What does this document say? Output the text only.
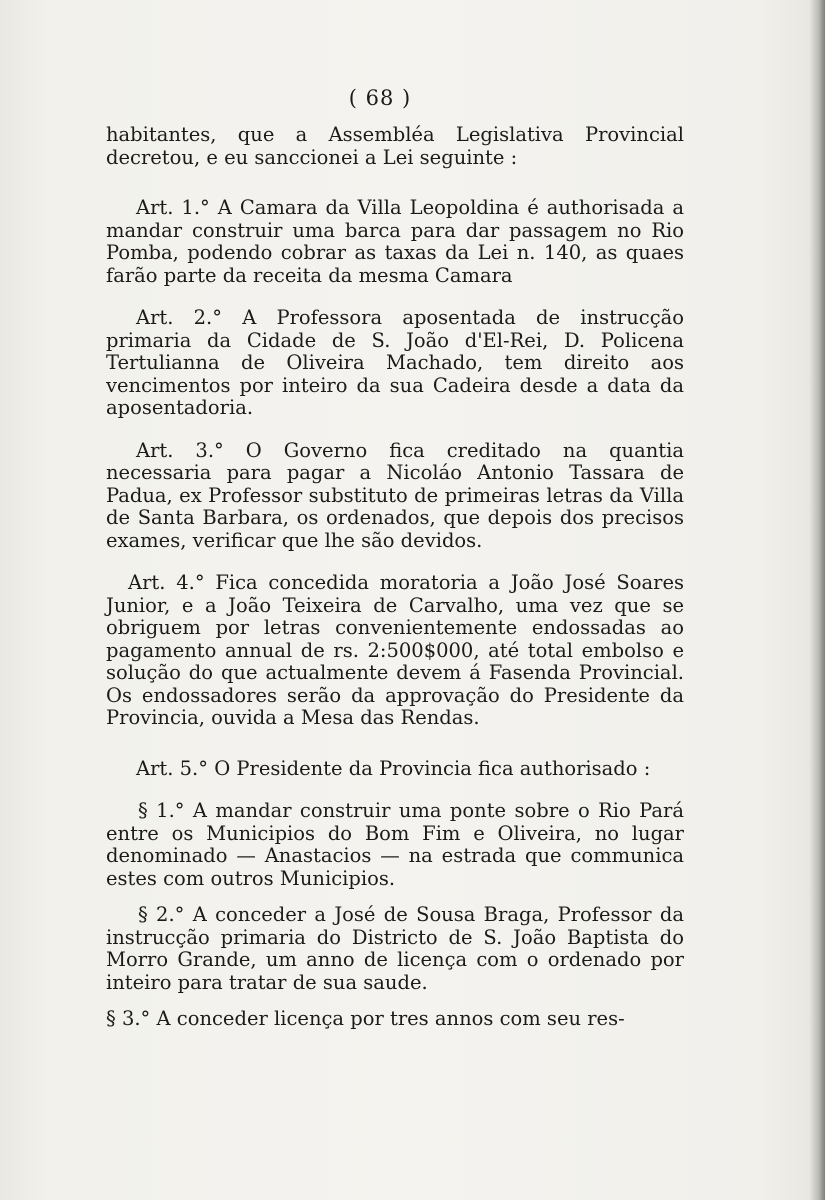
( 68 )

habitantes, que a Assembléa Legislativa Provincial decretou, e eu sanccionei a Lei seguinte :

Art. 1.° A Camara da Villa Leopoldina é authorisada a mandar construir uma barca para dar passagem no Rio Pomba, podendo cobrar as taxas da Lei n. 140, as quaes farão parte da receita da mesma Camara

Art. 2.° A Professora aposentada de instrucção primaria da Cidade de S. João d'El-Rei, D. Policena Tertulianna de Oliveira Machado, tem direito aos vencimentos por inteiro da sua Cadeira desde a data da aposentadoria.

Art. 3.° O Governo fica creditado na quantia necessaria para pagar a Nicoláo Antonio Tassara de Padua, ex Professor substituto de primeiras letras da Villa de Santa Barbara, os ordenados, que depois dos precisos exames, verificar que lhe são devidos.

Art. 4.° Fica concedida moratoria a João José Soares Junior, e a João Teixeira de Carvalho, uma vez que se obriguem por letras convenientemente endossadas ao pagamento annual de rs. 2:500$000, até total embolso e solução do que actualmente devem á Fasenda Provincial. Os endossadores serão da approvação do Presidente da Provincia, ouvida a Mesa das Rendas.

Art. 5.° O Presidente da Provincia fica authorisado :

§ 1.° A mandar construir uma ponte sobre o Rio Pará entre os Municipios do Bom Fim e Oliveira, no lugar denominado — Anastacios — na estrada que communica estes com outros Municipios.

§ 2.° A conceder a José de Sousa Braga, Professor da instrucção primaria do Districto de S. João Baptista do Morro Grande, um anno de licença com o ordenado por inteiro para tratar de sua saude.

§ 3.° A conceder licença por tres annos com seu res-
